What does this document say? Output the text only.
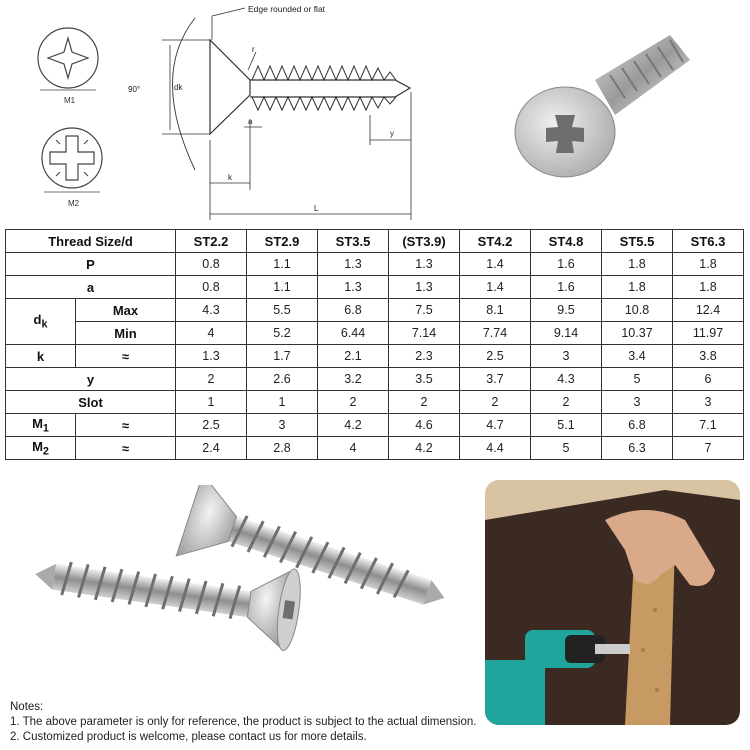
M1
M2
Edge rounded or flat
90°	dk
r
a
y
k
L
Thread Size/d		ST2.2	ST2.9	ST3.5	(ST3.9)	ST4.2	ST4.8	ST5.5	ST6.3
P		0.8	1.1	1.3	1.3	1.4	1.6	1.8	1.8
a		0.8	1.1	1.3	1.3	1.4	1.6	1.8	1.8
$d_k$	Max	4.3	5.5	6.8	7.5	8.1	9.5	10.8	12.4
	Min	4	5.2	6.44	7.14	7.74	9.14	10.37	11.97
k	≈	1.3	1.7	2.1	2.3	2.5	3	3.4	3.8
y		2	2.6	3.2	3.5	3.7	4.3	5	6
Slot		1	1	2	2	2	2	3	3
$M_1$	≈	2.5	3	4.2	4.6	4.7	5.1	6.8	7.1
$M_2$	≈	2.4	2.8	4	4.2	4.4	5	6.3	7
Notes:
1. The above parameter is only for reference, the product is subject to the actual dimension.
2. Customized product is welcome, please contact us for more details.
